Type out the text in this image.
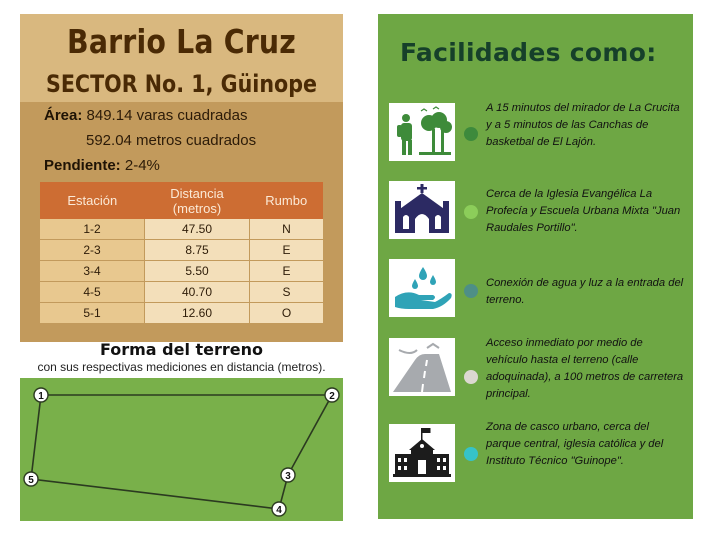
Barrio La Cruz
SECTOR No. 1, Güinope
Área: 849.14 varas cuadradas
592.04 metros cuadrados
Pendiente: 2-4%
Estación	Distancia (metros)	Rumbo
1-2	47.50	N
2-3	8.75	E
3-4	5.50	E
4-5	40.70	S
5-1	12.60	O
Forma del terreno
con sus respectivas mediciones en distancia (metros).
1	2
3
4
5
Facilidades como:
A 15 minutos del mirador de La Crucita y a 5 minutos de las Canchas de basketbal de El Lajón.
Cerca de la Iglesia Evangélica La Profecía y Escuela Urbana Mixta "Juan Raudales Portillo".
Conexión de agua y luz a la entrada del terreno.
Acceso inmediato por medio de vehículo hasta el terreno (calle adoquinada), a 100 metros de carretera principal.
Zona de casco urbano, cerca del parque central, iglesia católica y del Instituto Técnico "Guinope".
